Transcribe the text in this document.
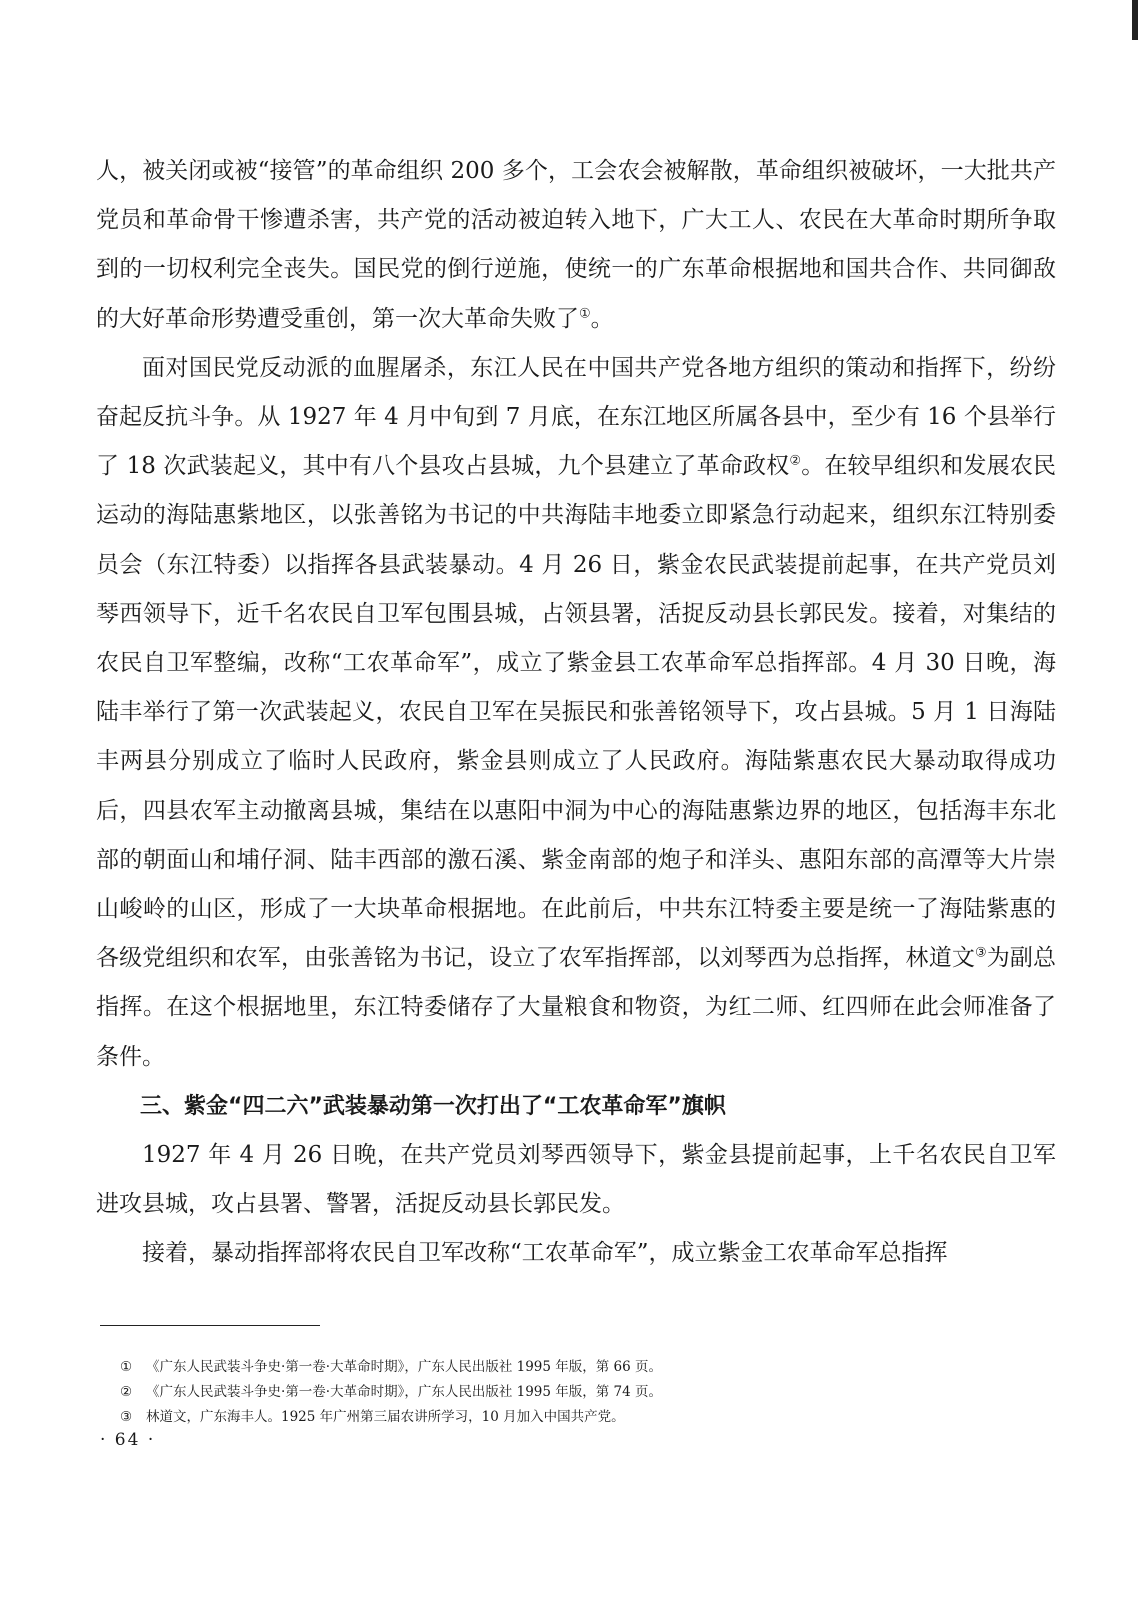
人，被关闭或被“接管”的革命组织 200 多个，工会农会被解散，革命组织被破坏，一大批共产党员和革命骨干惨遭杀害，共产党的活动被迫转入地下，广大工人、农民在大革命时期所争取到的一切权利完全丧失。国民党的倒行逆施，使统一的广东革命根据地和国共合作、共同御敌的大好革命形势遭受重创，第一次大革命失败了①。

面对国民党反动派的血腥屠杀，东江人民在中国共产党各地方组织的策动和指挥下，纷纷奋起反抗斗争。从 1927 年 4 月中旬到 7 月底，在东江地区所属各县中，至少有 16 个县举行了 18 次武装起义，其中有八个县攻占县城，九个县建立了革命政权②。在较早组织和发展农民运动的海陆惠紫地区，以张善铭为书记的中共海陆丰地委立即紧急行动起来，组织东江特别委员会（东江特委）以指挥各县武装暴动。4 月 26 日，紫金农民武装提前起事，在共产党员刘琴西领导下，近千名农民自卫军包围县城，占领县署，活捉反动县长郭民发。接着，对集结的农民自卫军整编，改称“工农革命军”，成立了紫金县工农革命军总指挥部。4 月 30 日晚，海陆丰举行了第一次武装起义，农民自卫军在吴振民和张善铭领导下，攻占县城。5 月 1 日海陆丰两县分别成立了临时人民政府，紫金县则成立了人民政府。海陆紫惠农民大暴动取得成功后，四县农军主动撤离县城，集结在以惠阳中洞为中心的海陆惠紫边界的地区，包括海丰东北部的朝面山和埔仔洞、陆丰西部的激石溪、紫金南部的炮子和洋头、惠阳东部的高潭等大片崇山峻岭的山区，形成了一大块革命根据地。在此前后，中共东江特委主要是统一了海陆紫惠的各级党组织和农军，由张善铭为书记，设立了农军指挥部，以刘琴西为总指挥，林道文③为副总指挥。在这个根据地里，东江特委储存了大量粮食和物资，为红二师、红四师在此会师准备了条件。

三、紫金“四二六”武装暴动第一次打出了“工农革命军”旗帜

1927 年 4 月 26 日晚，在共产党员刘琴西领导下，紫金县提前起事，上千名农民自卫军进攻县城，攻占县署、警署，活捉反动县长郭民发。

接着，暴动指挥部将农民自卫军改称“工农革命军”，成立紫金工农革命军总指挥

① 《广东人民武装斗争史·第一卷·大革命时期》，广东人民出版社 1995 年版，第 66 页。
② 《广东人民武装斗争史·第一卷·大革命时期》，广东人民出版社 1995 年版，第 74 页。
③ 林道文，广东海丰人。1925 年广州第三届农讲所学习，10 月加入中国共产党。
· 64 ·
